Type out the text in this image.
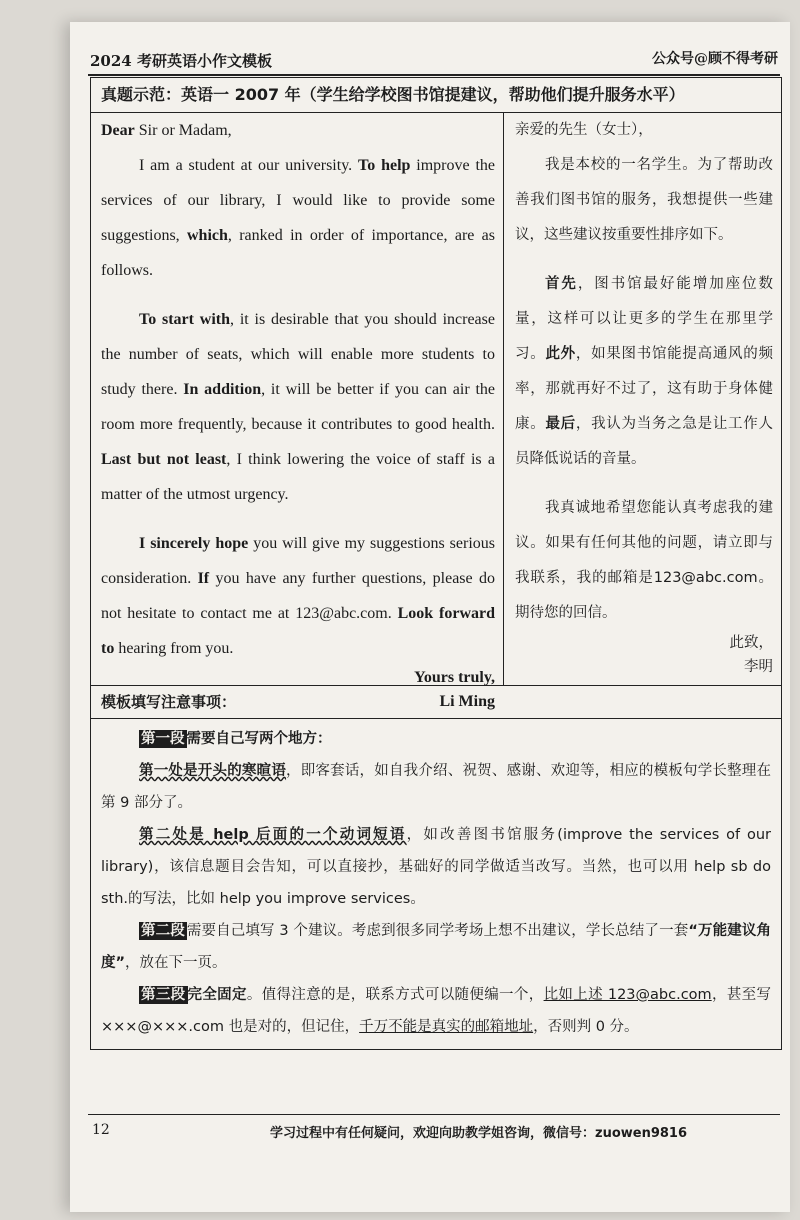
2024 考研英语小作文模板	公众号@顾不得考研
真题示范：英语一 2007 年（学生给学校图书馆提建议，帮助他们提升服务水平）

Dear Sir or Madam,

I am a student at our university. To help improve the services of our library, I would like to provide some suggestions, which, ranked in order of importance, are as follows.

To start with, it is desirable that you should increase the number of seats, which will enable more students to study there. In addition, it will be better if you can air the room more frequently, because it contributes to good health. Last but not least, I think lowering the voice of staff is a matter of the utmost urgency.

I sincerely hope you will give my suggestions serious consideration. If you have any further questions, please do not hesitate to contact me at 123@abc.com. Look forward to hearing from you.

Yours truly,

Li Ming

亲爱的先生（女士），

我是本校的一名学生。为了帮助改善我们图书馆的服务，我想提供一些建议，这些建议按重要性排序如下。

首先，图书馆最好能增加座位数量，这样可以让更多的学生在那里学习。此外，如果图书馆能提高通风的频率，那就再好不过了，这有助于身体健康。最后，我认为当务之急是让工作人员降低说话的音量。

我真诚地希望您能认真考虑我的建议。如果有任何其他的问题，请立即与我联系，我的邮箱是123@abc.com。期待您的回信。

此致，

李明

模板填写注意事项：

第一段 需要自己写两个地方：

第一处是开头的寒暄语，即客套话，如自我介绍、祝贺、感谢、欢迎等，相应的模板句学长整理在第 9 部分了。

第二处是 help 后面的一个动词短语，如改善图书馆服务(improve the services of our library)，该信息题目会告知，可以直接抄，基础好的同学做适当改写。当然，也可以用 help sb do sth.的写法，比如 help you improve services。

第二段 需要自己填写 3 个建议。考虑到很多同学考场上想不出建议，学长总结了一套“万能建议角度”，放在下一页。

第三段 完全固定。值得注意的是，联系方式可以随便编一个，比如上述 123@abc.com，甚至写×××@×××.com 也是对的，但记住，千万不能是真实的邮箱地址，否则判 0 分。

12	学习过程中有任何疑问，欢迎向助教学姐咨询，微信号：zuowen9816
